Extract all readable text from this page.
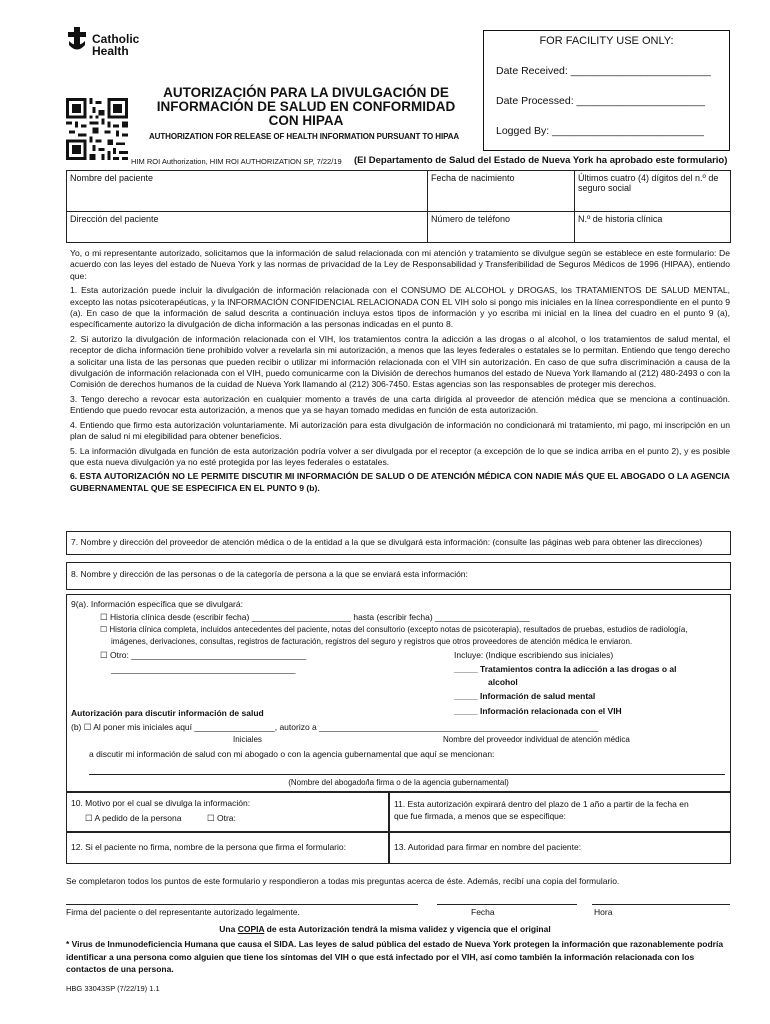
Catholic
Health
AUTORIZACIÓN PARA LA DIVULGACIÓN DE INFORMACIÓN DE SALUD EN CONFORMIDAD CON HIPAA
AUTHORIZATION FOR RELEASE OF HEALTH INFORMATION PURSUANT TO HIPAA
HIM ROI Authorization, HIM ROI AUTHORIZATION SP, 7/22/19 (El Departamento de Salud del Estado de Nueva York ha aprobado este formulario)
FOR FACILITY USE ONLY:
Date Received: ________________________
Date Processed: ______________________
Logged By: __________________________
Nombre del paciente	Fecha de nacimiento	Últimos cuatro (4) dígitos del n.º de seguro social
Dirección del paciente	Número de teléfono	N.º de historia clínica

Yo, o mi representante autorizado, solicitamos que la información de salud relacionada con mi atención y tratamiento se divulgue según se establece en este formulario: De acuerdo con las leyes del estado de Nueva York y las normas de privacidad de la Ley de Responsabilidad y Transferibilidad de Seguros Médicos de 1996 (HIPAA), entiendo que:

1. Esta autorización puede incluir la divulgación de información relacionada con el CONSUMO DE ALCOHOL y DROGAS, los TRATAMIENTOS DE SALUD MENTAL, excepto las notas psicoterapéuticas, y la INFORMACIÓN CONFIDENCIAL RELACIONADA CON EL VIH solo si pongo mis iniciales en la línea correspondiente en el punto 9 (a). En caso de que la información de salud descrita a continuación incluya estos tipos de información y yo escriba mi inicial en la línea del cuadro en el punto 9 (a), específicamente autorizo la divulgación de dicha información a las personas indicadas en el punto 8.

2. Si autorizo la divulgación de información relacionada con el VIH, los tratamientos contra la adicción a las drogas o al alcohol, o los tratamientos de salud mental, el receptor de dicha información tiene prohibido volver a revelarla sin mi autorización, a menos que las leyes federales o estatales se lo permitan. Entiendo que tengo derecho a solicitar una lista de las personas que pueden recibir o utilizar mi información relacionada con el VIH sin autorización. En caso de que sufra discriminación a causa de la divulgación de información relacionada con el VIH, puedo comunicarme con la División de derechos humanos del estado de Nueva York llamando al (212) 480-2493 o con la Comisión de derechos humanos de la cuidad de Nueva York llamando al (212) 306-7450. Estas agencias son las responsables de proteger mis derechos.

3. Tengo derecho a revocar esta autorización en cualquier momento a través de una carta dirigida al proveedor de atención médica que se menciona a continuación. Entiendo que puedo revocar esta autorización, a menos que ya se hayan tomado medidas en función de esta autorización.

4. Entiendo que firmo esta autorización voluntariamente. Mi autorización para esta divulgación de información no condicionará mi tratamiento, mi pago, mi inscripción en un plan de salud ni mi elegibilidad para obtener beneficios.

5. La información divulgada en función de esta autorización podría volver a ser divulgada por el receptor (a excepción de lo que se indica arriba en el punto 2), y es posible que esta nueva divulgación ya no esté protegida por las leyes federales o estatales.

6. ESTA AUTORIZACIÓN NO LE PERMITE DISCUTIR MI INFORMACIÓN DE SALUD O DE ATENCIÓN MÉDICA CON NADIE MÁS QUE EL ABOGADO O LA AGENCIA GUBERNAMENTAL QUE SE ESPECIFICA EN EL PUNTO 9 (b).

7. Nombre y dirección del proveedor de atención médica o de la entidad a la que se divulgará esta información: (consulte las páginas web para obtener las direcciones)
8. Nombre y dirección de las personas o de la categoría de persona a la que se enviará esta información:
9(a). Información específica que se divulgará:
☐ Historia clínica desde (escribir fecha) _____________________ hasta (escribir fecha) ____________________
☐ Historia clínica completa, incluidos antecedentes del paciente, notas del consultorio (excepto notas de psicoterapia), resultados de pruebas, estudios de radiología,
imágenes, derivaciones, consultas, registros de facturación, registros del seguro y registros que otros proveedores de atención médica le enviaron.
☐ Otro: _____________________________________
_______________________________________
Incluye: (Indique escribiendo sus iniciales)
_____ Tratamientos contra la adicción a las drogas o al
alcohol
_____ Información de salud mental
_____ Información relacionada con el VIH
Autorización para discutir información de salud
(b) ☐ Al poner mis iniciales aquí _________________, autorizo a ___________________________________________________________
Iniciales	Nombre del proveedor individual de atención médica
a discutir mi información de salud con mi abogado o con la agencia gubernamental que aquí se mencionan:
(Nombre del abogado/la firma o de la agencia gubernamental)
10. Motivo por el cual se divulga la información:
☐ A pedido de la persona	☐ Otra:
11. Esta autorización expirará dentro del plazo de 1 año a partir de la fecha en que fue firmada, a menos que se especifique:
12. Si el paciente no firma, nombre de la persona que firma el formulario:	13. Autoridad para firmar en nombre del paciente:
Se completaron todos los puntos de este formulario y respondieron a todas mis preguntas acerca de éste. Además, recibí una copia del formulario.
Firma del paciente o del representante autorizado legalmente.	Fecha	Hora
Una COPIA de esta Autorización tendrá la misma validez y vigencia que el original
* Virus de Inmunodeficiencia Humana que causa el SIDA. Las leyes de salud pública del estado de Nueva York protegen la información que razonablemente podría identificar a una persona como alguien que tiene los síntomas del VIH o que está infectado por el VIH, así como también la información relacionada con los contactos de una persona.
HBG 33043SP (7/22/19) 1.1
